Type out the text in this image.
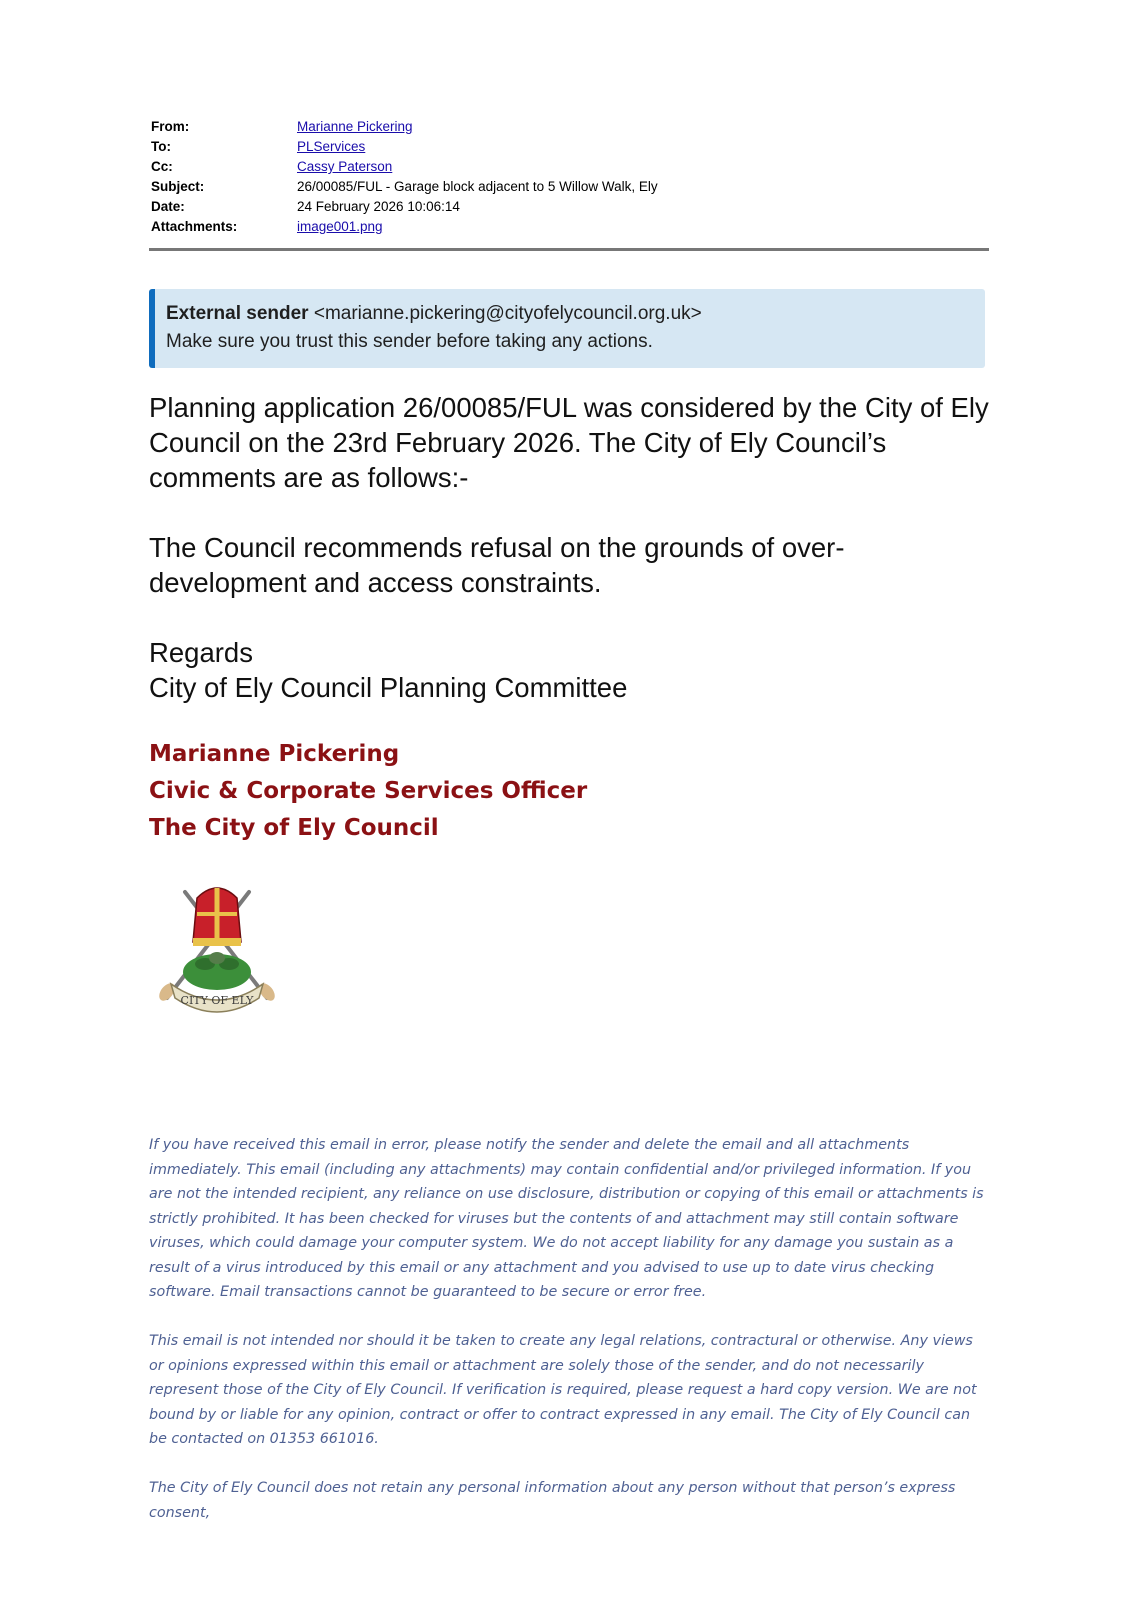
From:	Marianne Pickering
To:	PLServices
Cc:	Cassy Paterson
Subject:	26/00085/FUL - Garage block adjacent to 5 Willow Walk, Ely
Date:	24 February 2026 10:06:14
Attachments:	image001.png
External sender <marianne.pickering@cityofelycouncil.org.uk>
Make sure you trust this sender before taking any actions.

Planning application 26/00085/FUL was considered by the City of Ely Council on the 23rd February 2026. The City of Ely Council’s comments are as follows:-

The Council recommends refusal on the grounds of over-development and access constraints.

Regards

City of Ely Council Planning Committee

Marianne Pickering
Civic & Corporate Services Officer
The City of Ely Council
CITY OF ELY

If you have received this email in error, please notify the sender and delete the email and all attachments immediately. This email (including any attachments) may contain confidential and/or privileged information. If you are not the intended recipient, any reliance on use disclosure, distribution or copying of this email or attachments is strictly prohibited. It has been checked for viruses but the contents of and attachment may still contain software viruses, which could damage your computer system. We do not accept liability for any damage you sustain as a result of a virus introduced by this email or any attachment and you advised to use up to date virus checking software. Email transactions cannot be guaranteed to be secure or error free.

This email is not intended nor should it be taken to create any legal relations, contractural or otherwise. Any views or opinions expressed within this email or attachment are solely those of the sender, and do not necessarily represent those of the City of Ely Council. If verification is required, please request a hard copy version. We are not bound by or liable for any opinion, contract or offer to contract expressed in any email. The City of Ely Council can be contacted on 01353 661016.

The City of Ely Council does not retain any personal information about any person without that person’s express consent,
